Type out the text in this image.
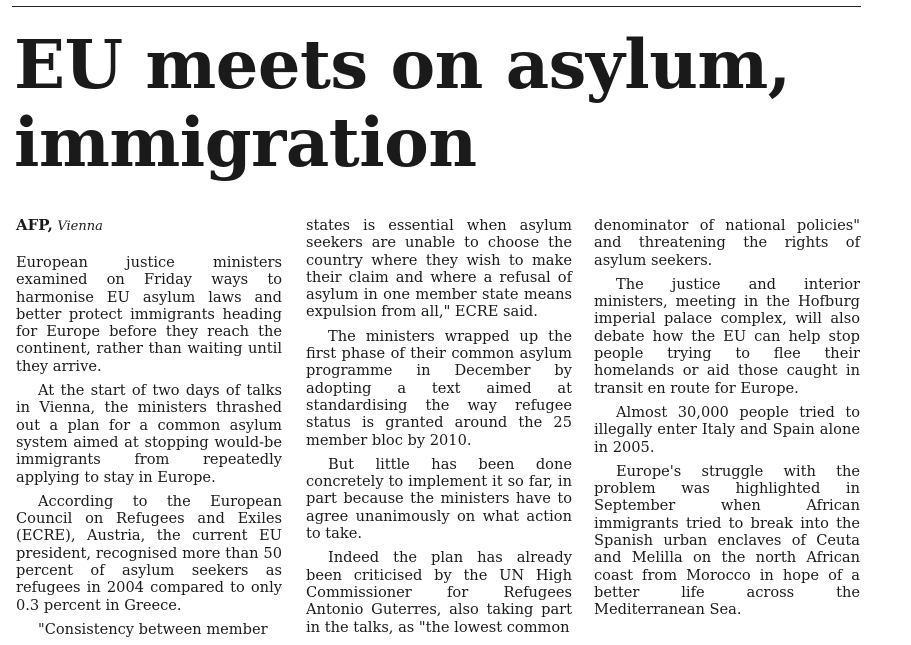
EU meets on asylum,
immigration
AFP, Vienna

European justice ministers examined on Friday ways to harmonise EU asylum laws and better protect immigrants heading for Europe before they reach the continent, rather than waiting until they arrive.

At the start of two days of talks in Vienna, the ministers thrashed out a plan for a common asylum system aimed at stopping would-be immigrants from repeatedly applying to stay in Europe.

According to the European Council on Refugees and Exiles (ECRE), Austria, the current EU president, recognised more than 50 percent of asylum seekers as refugees in 2004 compared to only 0.3 percent in Greece.

"Consistency between member

states is essential when asylum seekers are unable to choose the country where they wish to make their claim and where a refusal of asylum in one member state means expulsion from all," ECRE said.

The ministers wrapped up the first phase of their common asylum programme in December by adopting a text aimed at standardising the way refugee status is granted around the 25 member bloc by 2010.

But little has been done concretely to implement it so far, in part because the ministers have to agree unanimously on what action to take.

Indeed the plan has already been criticised by the UN High Commissioner for Refugees Antonio Guterres, also taking part in the talks, as "the lowest common

denominator of national policies" and threatening the rights of asylum seekers.

The justice and interior ministers, meeting in the Hofburg imperial palace complex, will also debate how the EU can help stop people trying to flee their homelands or aid those caught in transit en route for Europe.

Almost 30,000 people tried to illegally enter Italy and Spain alone in 2005.

Europe's struggle with the problem was highlighted in September when African immigrants tried to break into the Spanish urban enclaves of Ceuta and Melilla on the north African coast from Morocco in hope of a better life across the Mediterranean Sea.
